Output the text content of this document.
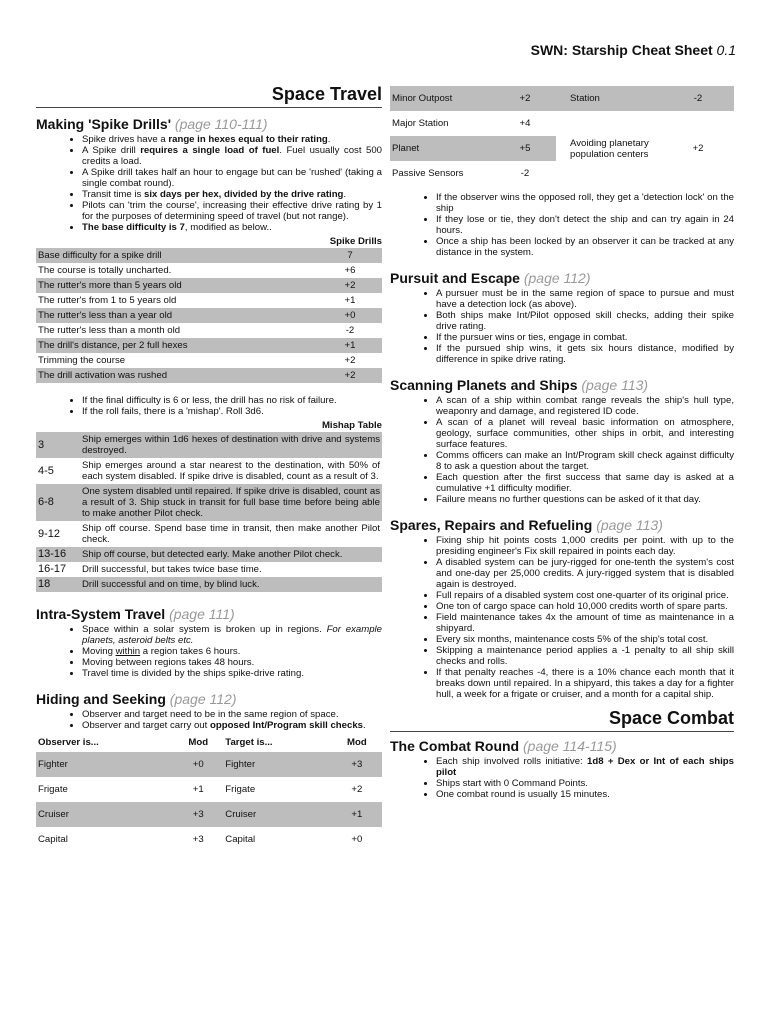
SWN: Starship Cheat Sheet 0.1
Space Travel
Making 'Spike Drills' (page 110-111)
• Spike drives have a range in hexes equal to their rating.
• A Spike drill requires a single load of fuel. Fuel usually cost 500 credits a load.
• A Spike drill takes half an hour to engage but can be 'rushed' (taking a single combat round).
• Transit time is six days per hex, divided by the drive rating.
• Pilots can 'trim the course', increasing their effective drive rating by 1 for the purposes of determining speed of travel (but not range).
• The base difficulty is 7, modified as below..
Spike Drills
Base difficulty for a spike drill	7
The course is totally uncharted.	+6
The rutter's more than 5 years old	+2
The rutter's from 1 to 5 years old	+1
The rutter's less than a year old	+0
The rutter's less than a month old	-2
The drill's distance, per 2 full hexes	+1
Trimming the course	+2
The drill activation was rushed	+2
• If the final difficulty is 6 or less, the drill has no risk of failure.
• If the roll fails, there is a 'mishap'. Roll 3d6.
Mishap Table
3	Ship emerges within 1d6 hexes of destination with drive and systems destroyed.
4-5	Ship emerges around a star nearest to the destination, with 50% of each system disabled. If spike drive is disabled, count as a result of 3.
6-8	One system disabled until repaired. If spike drive is disabled, count as a result of 3. Ship stuck in transit for full base time before being able to make another Pilot check.
9-12	Ship off course. Spend base time in transit, then make another Pilot check.
13-16	Ship off course, but detected early. Make another Pilot check.
16-17	Drill successful, but takes twice base time.
18	Drill successful and on time, by blind luck.
Intra-System Travel (page 111)
• Space within a solar system is broken up in regions. For example planets, asteroid belts etc.
• Moving within a region takes 6 hours.
• Moving between regions takes 48 hours.
• Travel time is divided by the ships spike-drive rating.
Hiding and Seeking (page 112)
• Observer and target need to be in the same region of space.
• Observer and target carry out opposed Int/Program skill checks.
Observer is...	Mod	Target is...	Mod
Fighter	+0	Fighter	+3
Frigate	+1	Frigate	+2
Cruiser	+3	Cruiser	+1
Capital	+3	Capital	+0
Minor Outpost	+2	Station	-2
Major Station	+4	Avoiding planetary population centers	+2
Planet	+5		
Passive Sensors	-2		
• If the observer wins the opposed roll, they get a 'detection lock' on the ship
• If they lose or tie, they don't detect the ship and can try again in 24 hours.
• Once a ship has been locked by an observer it can be tracked at any distance in the system.
Pursuit and Escape (page 112)
• A pursuer must be in the same region of space to pursue and must have a detection lock (as above).
• Both ships make Int/Pilot opposed skill checks, adding their spike drive rating.
• If the pursuer wins or ties, engage in combat.
• If the pursued ship wins, it gets six hours distance, modified by difference in spike drive rating.
Scanning Planets and Ships (page 113)
• A scan of a ship within combat range reveals the ship's hull type, weaponry and damage, and registered ID code.
• A scan of a planet will reveal basic information on atmosphere, geology, surface communities, other ships in orbit, and interesting surface features.
• Comms officers can make an Int/Program skill check against difficulty 8 to ask a question about the target.
• Each question after the first success that same day is asked at a cumulative +1 difficulty modifier.
• Failure means no further questions can be asked of it that day.
Spares, Repairs and Refueling (page 113)
• Fixing ship hit points costs 1,000 credits per point. with up to the presiding engineer's Fix skill repaired in points each day.
• A disabled system can be jury-rigged for one-tenth the system's cost and one-day per 25,000 credits. A jury-rigged system that is disabled again is destroyed.
• Full repairs of a disabled system cost one-quarter of its original price.
• One ton of cargo space can hold 10,000 credits worth of spare parts.
• Field maintenance takes 4x the amount of time as maintenance in a shipyard.
• Every six months, maintenance costs 5% of the ship's total cost.
• Skipping a maintenance period applies a -1 penalty to all ship skill checks and rolls.
• If that penalty reaches -4, there is a 10% chance each month that it breaks down until repaired. In a shipyard, this takes a day for a fighter hull, a week for a frigate or cruiser, and a month for a capital ship.
Space Combat
The Combat Round (page 114-115)
• Each ship involved rolls initiative: 1d8 + Dex or Int of each ships pilot
• Ships start with 0 Command Points.
• One combat round is usually 15 minutes.
